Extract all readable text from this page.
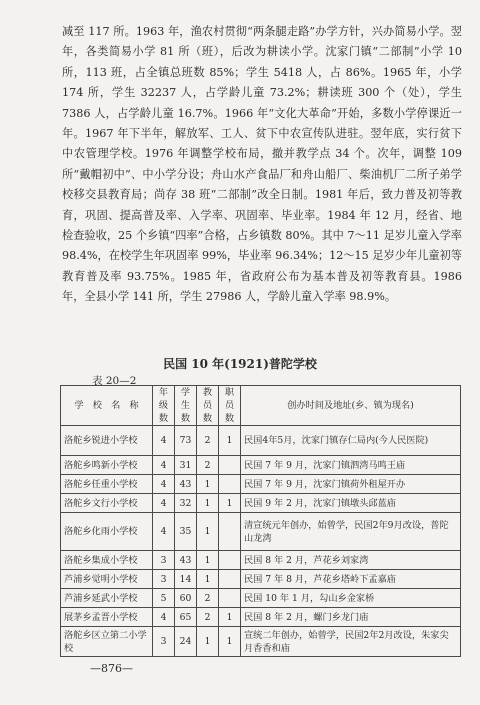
减至 117 所。1963 年，渔农村贯彻“两条腿走路”办学方针，兴办简易小学。翌年，各类简易小学 81 所（班），后改为耕读小学。沈家门镇“二部制”小学 10 所，113 班，占全镇总班数 85%；学生 5418 人，占 86%。1965 年，小学 174 所，学生 32237 人，占学龄儿童 73.2%；耕读班 300 个（处），学生 7386 人，占学龄儿童 16.7%。1966 年“文化大革命”开始，多数小学停课近一年。1967 年下半年，解放军、工人、贫下中农宣传队进驻。翌年底，实行贫下中农管理学校。1976 年调整学校布局，撤并教学点 34 个。次年，调整 109 所“戴帽初中”、中小学分设；舟山水产食品厂和舟山船厂、柴油机厂二所子弟学校移交县教育局；尚存 38 班“二部制”改全日制。1981 年后，致力普及初等教育，巩固、提高普及率、入学率、巩固率、毕业率。1984 年 12 月，经省、地检查验收，25 个乡镇“四率”合格，占乡镇数 80%。其中 7～11 足岁儿童入学率 98.4%，在校学生年巩固率 99%，毕业率 96.34%；12～15 足岁少年儿童初等教育普及率 93.75%。1985 年，省政府公布为基本普及初等教育县。1986 年，全县小学 141 所，学生 27986 人，学龄儿童入学率 98.9%。

民国 10 年(1921)普陀学校
表 20—2
学　校　名　称	年级数	学生数	教员数	职员数	创办时间及地址(乡、镇为现名)
洛舵乡锐进小学校	4	73	2	1	民国4年5月，沈家门镇存仁局内(今人民医院)
洛舵乡鸣新小学校	4	31	2		民国 7 年 9 月，沈家门镇泗湾马鸣王庙
洛舵乡任重小学校	4	43	1		民国 7 年 9 月，沈家门镇荷外租屋开办
洛舵乡文行小学校	4	32	1	1	民国 9 年 2 月，沈家门镇墩头邱蓝庙
洛舵乡化雨小学校	4	35	1		清宣统元年创办，始曾学，民国2年9月改设，普陀山龙湾
洛舵乡集成小学校	3	43	1		民国 8 年 2 月，芦花乡刘家湾
芦浦乡觉明小学校	3	14	1		民国 7 年 8 月，芦花乡塔岭下孟嘉庙
芦浦乡延武小学校	5	60	2		民国 10 年 1 月，勾山乡金家桥
展茅乡孟晋小学校	4	65	2	1	民国 8 年 2 月，螺门乡龙门庙
洛舵乡区立第二小学校	3	24	1	1	宣统二年创办，始曾学，民国2年2月改设，朱家尖月香香和庙
—876—
